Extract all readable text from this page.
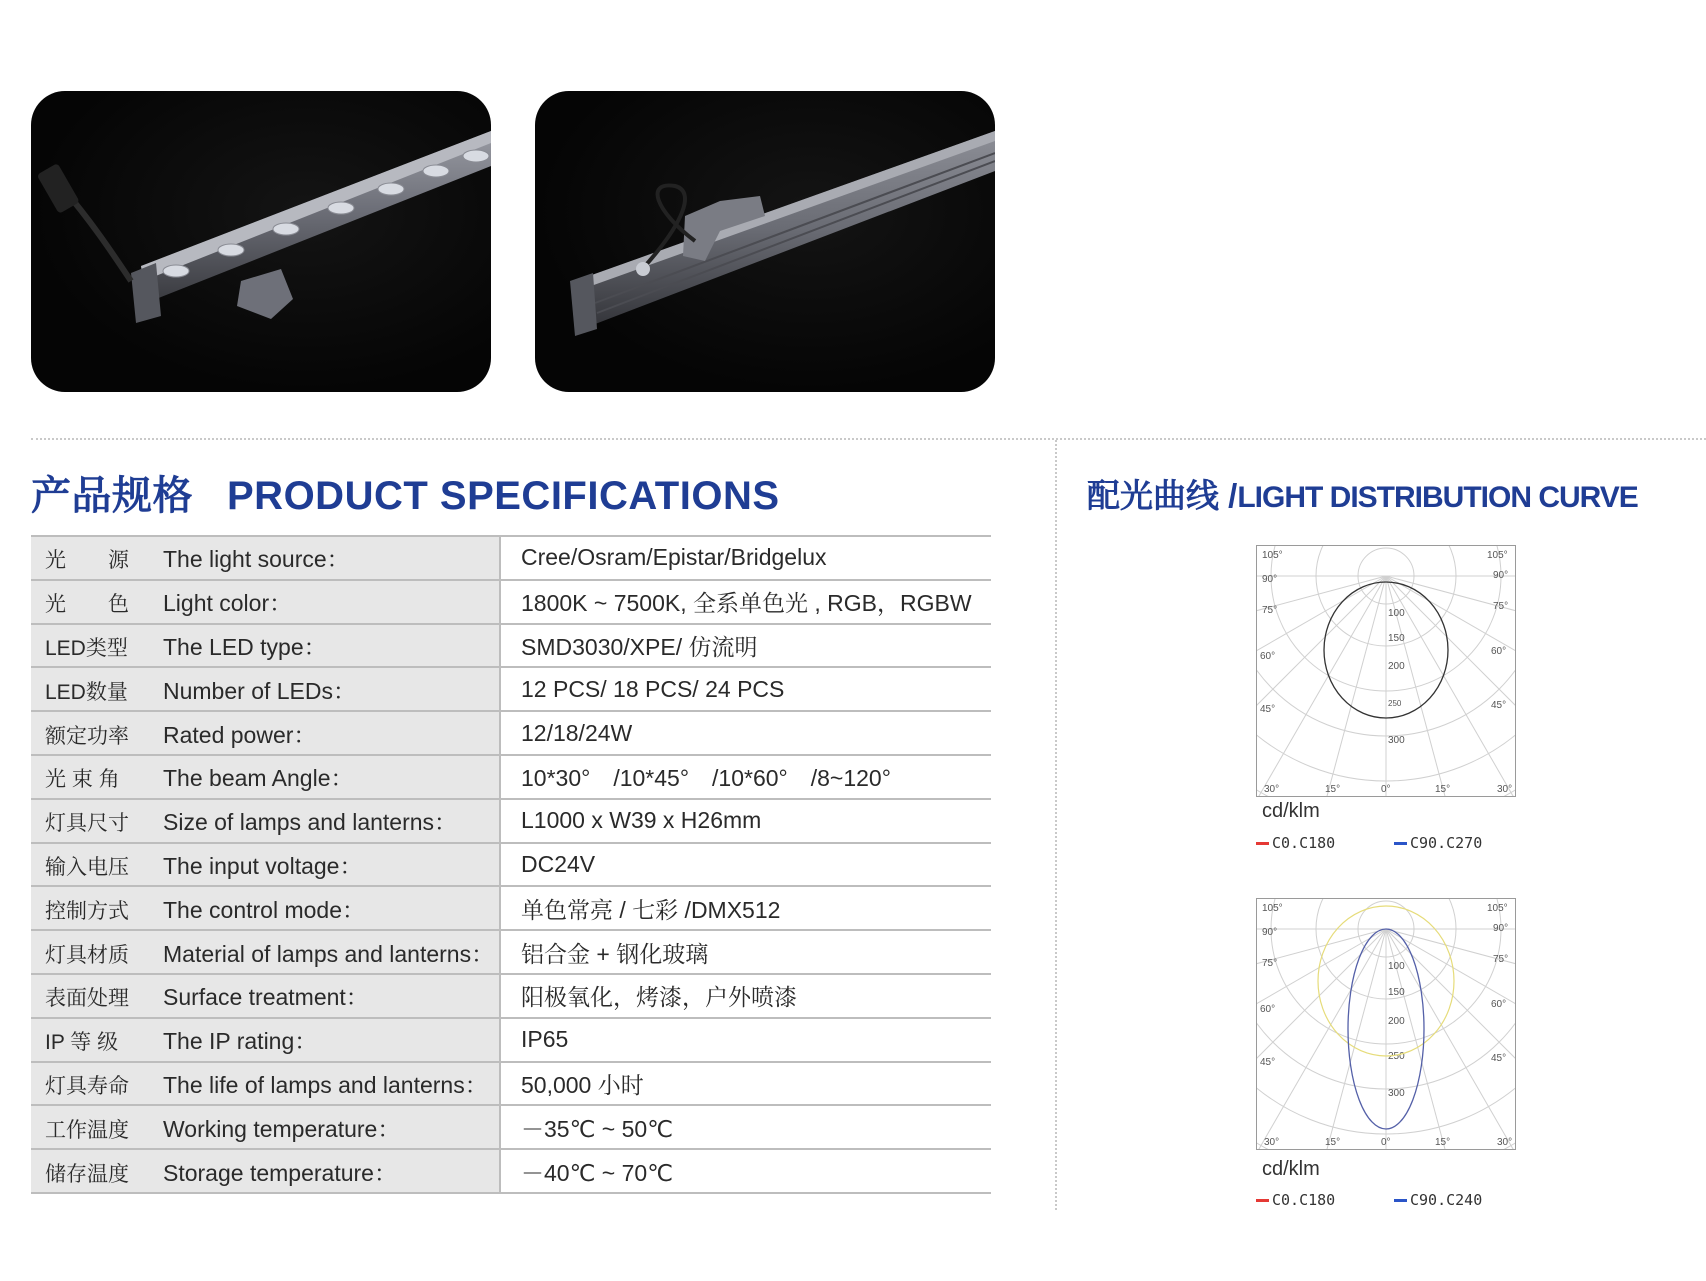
产品规格 PRODUCT SPECIFICATIONS	配光曲线 /LIGHT DISTRIBUTION CURVE
光　　源 The light source：		Cree/Osram/Epistar/Bridgelux
光　　色 Light color：		1800K ~ 7500K, 全系单色光 , RGB，RGBW
LED类型 The LED type：		SMD3030/XPE/ 仿流明
LED数量 Number of LEDs：		12 PCS/ 18 PCS/ 24 PCS
额定功率 Rated power：		12/18/24W
光 束 角 The beam Angle：		10*30°　/10*45°　/10*60°　/8~120°
灯具尺寸 Size of lamps and lanterns：		L1000 x W39 x H26mm
输入电压 The input voltage：		DC24V
控制方式 The control mode：		单色常亮 / 七彩 /DMX512
灯具材质 Material of lamps and lanterns：		铝合金 + 钢化玻璃
表面处理 Surface treatment：		阳极氧化，烤漆，户外喷漆
IP 等 级 The IP rating：		IP65
灯具寿命 The life of lamps and lanterns：		50,000 小时
工作温度 Working temperature：		－35℃ ~ 50℃
储存温度 Storage temperature：		－40℃ ~ 70℃
105°
90°
75°
60°
45°
30°	15°	0°
105°
90°
75°
60°
45°
30°
15°
100
150
200
250
300
cd/klm
C0.C180	C90.C270
105°
90°
75°
60°
45°
30°	15°	0°
105°
90°
75°
60°
45°
30°
15°
100
150
200
250
300
cd/klm
C0.C180	C90.C240
